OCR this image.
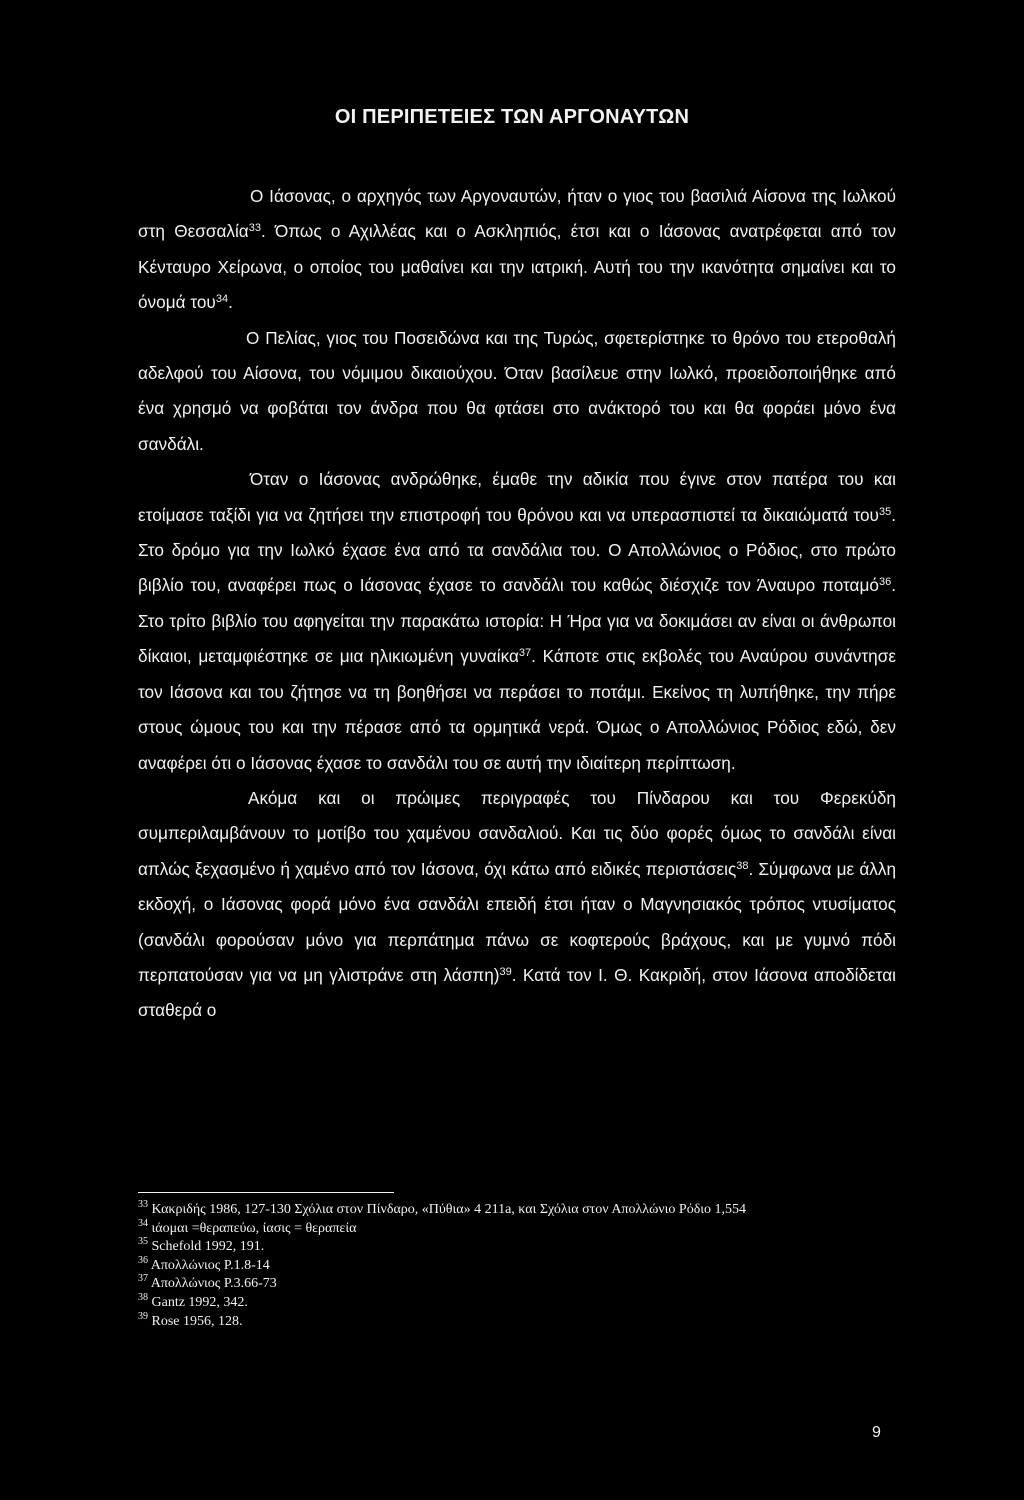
ΟΙ ΠΕΡΙΠΕΤΕΙΕΣ ΤΩΝ ΑΡΓΟΝΑΥΤΩΝ

Ο Ιάσονας, ο αρχηγός των Αργοναυτών, ήταν ο γιος του βασιλιά Αίσονα της Ιωλκού στη Θεσσαλία$^{33}$. Όπως ο Αχιλλέας και ο Ασκληπιός, έτσι και ο Ιάσονας ανατρέφεται από τον Κένταυρο Χείρωνα, ο οποίος του μαθαίνει και την ιατρική. Αυτή του την ικανότητα σημαίνει και το όνομά του$^{34}$.

Ο Πελίας, γιος του Ποσειδώνα και της Τυρώς, σφετερίστηκε το θρόνο του ετεροθαλή αδελφού του Αίσονα, του νόμιμου δικαιούχου. Όταν βασίλευε στην Ιωλκό, προειδοποιήθηκε από ένα χρησμό να φοβάται τον άνδρα που θα φτάσει στο ανάκτορό του και θα φοράει μόνο ένα σανδάλι.

Όταν ο Ιάσονας ανδρώθηκε, έμαθε την αδικία που έγινε στον πατέρα του και ετοίμασε ταξίδι για να ζητήσει την επιστροφή του θρόνου και να υπερασπιστεί τα δικαιώματά του$^{35}$. Στο δρόμο για την Ιωλκό έχασε ένα από τα σανδάλια του. Ο Απολλώνιος ο Ρόδιος, στο πρώτο βιβλίο του, αναφέρει πως ο Ιάσονας έχασε το σανδάλι του καθώς διέσχιζε τον Άναυρο ποταμό$^{36}$. Στο τρίτο βιβλίο του αφηγείται την παρακάτω ιστορία: Η Ήρα για να δοκιμάσει αν είναι οι άνθρωποι δίκαιοι, μεταμφιέστηκε σε μια ηλικιωμένη γυναίκα$^{37}$. Κάποτε στις εκβολές του Αναύρου συνάντησε τον Ιάσονα και του ζήτησε να τη βοηθήσει να περάσει το ποτάμι. Εκείνος τη λυπήθηκε, την πήρε στους ώμους του και την πέρασε από τα ορμητικά νερά. Όμως ο Απολλώνιος Ρόδιος εδώ, δεν αναφέρει ότι ο Ιάσονας έχασε το σανδάλι του σε αυτή την ιδιαίτερη περίπτωση.

Ακόμα και οι πρώιμες περιγραφές του Πίνδαρου και του Φερεκύδη συμπεριλαμβάνουν το μοτίβο του χαμένου σανδαλιού. Και τις δύο φορές όμως το σανδάλι είναι απλώς ξεχασμένο ή χαμένο από τον Ιάσονα, όχι κάτω από ειδικές περιστάσεις$^{38}$. Σύμφωνα με άλλη εκδοχή, ο Ιάσονας φορά μόνο ένα σανδάλι επειδή έτσι ήταν ο Μαγνησιακός τρόπος ντυσίματος (σανδάλι φορούσαν μόνο για περπάτημα πάνω σε κοφτερούς βράχους, και με γυμνό πόδι περπατούσαν για να μη γλιστράνε στη λάσπη)$^{39}$. Κατά τον Ι. Θ. Κακριδή, στον Ιάσονα αποδίδεται σταθερά ο

$^{33}$ Κακριδής 1986, 127-130 Σχόλια στον Πίνδαρο, «Πύθια» 4 211a, και Σχόλια στον Απολλώνιο Ρόδιο 1,554
$^{34}$ ιάομαι =θεραπεύω, ίασις = θεραπεία
$^{35}$ Schefold 1992, 191.
$^{36}$ Απολλώνιος Ρ.1.8-14
$^{37}$ Απολλώνιος Ρ.3.66-73
$^{38}$ Gantz 1992, 342.
$^{39}$ Rose 1956, 128.
9
